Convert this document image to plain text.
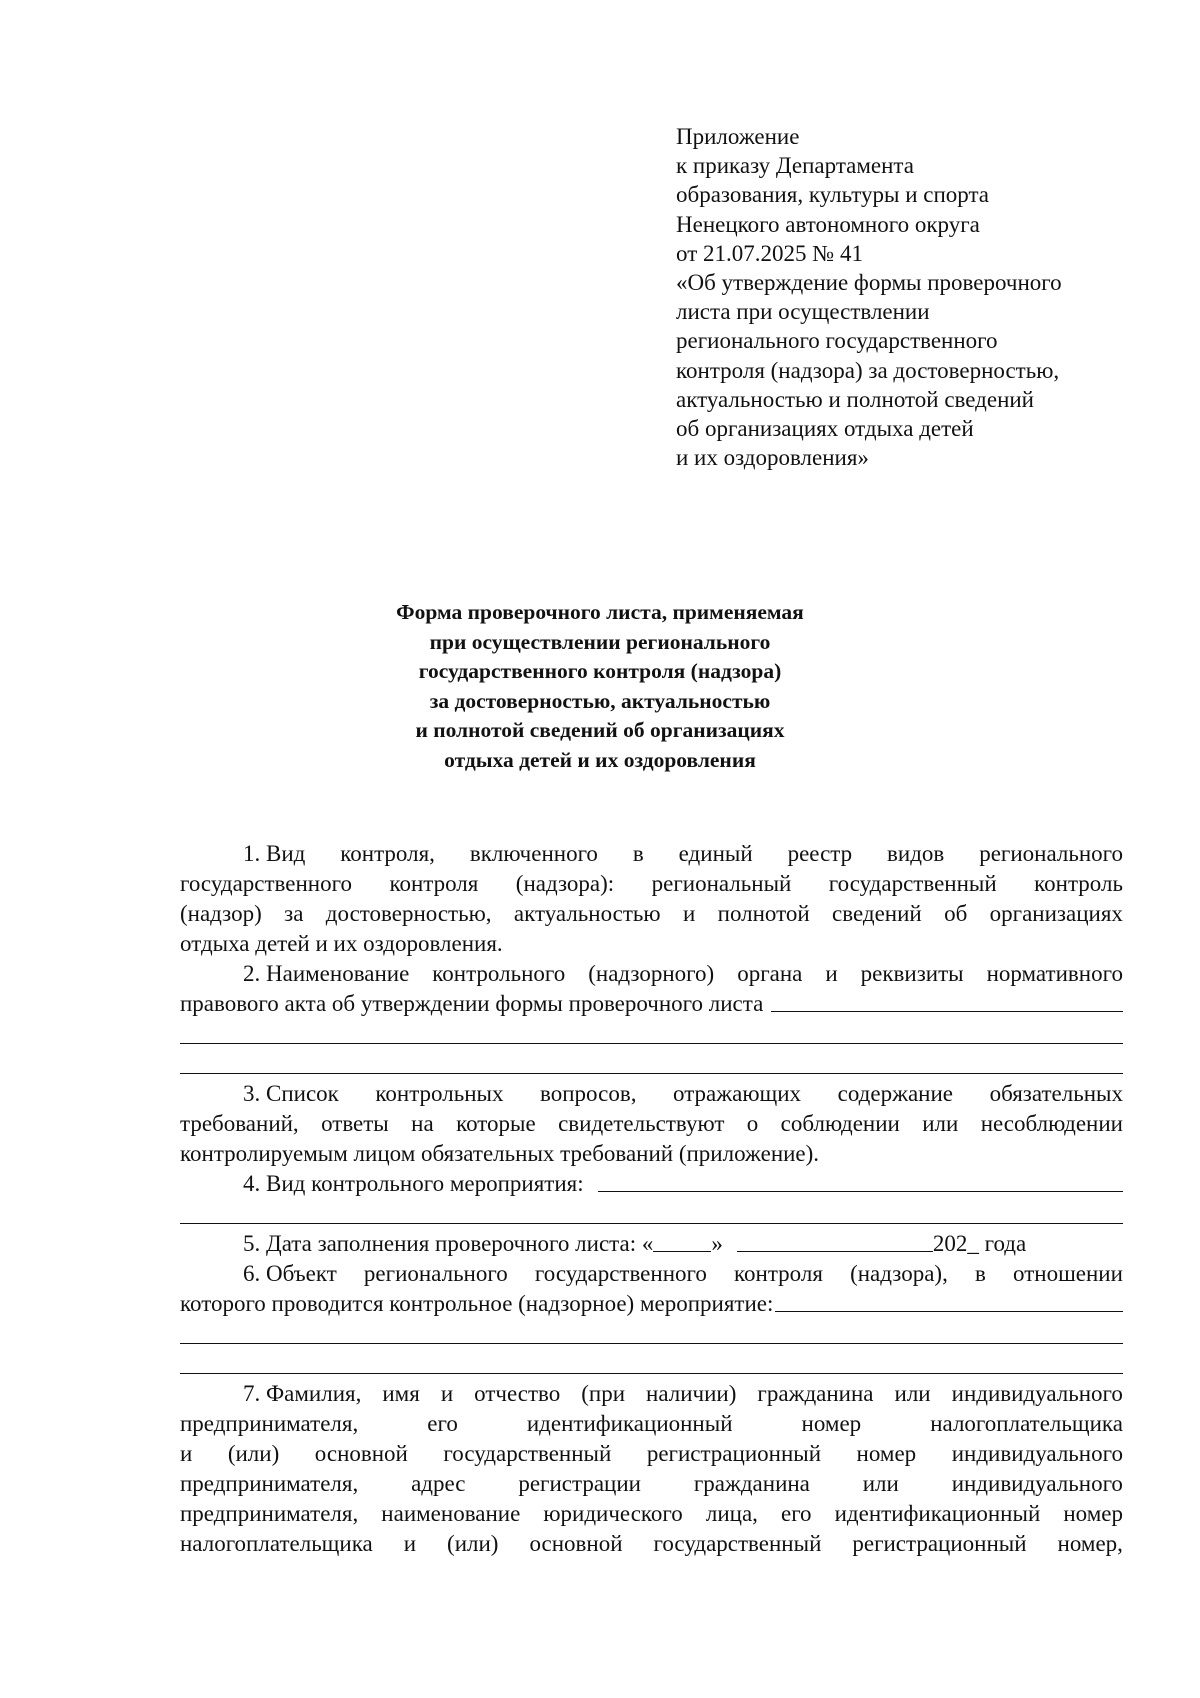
Приложение
к приказу Департамента
образования, культуры и спорта
Ненецкого автономного округа
от 21.07.2025 № 41
«Об утверждение формы проверочного
листа при осуществлении
регионального государственного
контроля (надзора) за достоверностью,
актуальностью и полнотой сведений
об организациях отдыха детей
и их оздоровления»
Форма проверочного листа, применяемая
при осуществлении регионального
государственного контроля (надзора)
за достоверностью, актуальностью
и полнотой сведений об организациях
отдыха детей и их оздоровления
1. Вид контроля, включенного в единый реестр видов регионального
государственного контроля (надзора): региональный государственный контроль
(надзор) за достоверностью, актуальностью и полнотой сведений об организациях
отдыха детей и их оздоровления.
2. Наименование контрольного (надзорного) органа и реквизиты нормативного
правового акта об утверждении формы проверочного листа
3. Список контрольных вопросов, отражающих содержание обязательных
требований, ответы на которые свидетельствуют о соблюдении или несоблюдении
контролируемым лицом обязательных требований (приложение).
4. Вид контрольного мероприятия:
5. Дата заполнения проверочного листа: «	»	202_ года
6. Объект регионального государственного контроля (надзора), в отношении
которого проводится контрольное (надзорное) мероприятие:
7. Фамилия, имя и отчество (при наличии) гражданина или индивидуального
предпринимателя,	его	идентификационный	номер	налогоплательщика
и (или) основной государственный регистрационный номер индивидуального
предпринимателя, адрес регистрации гражданина или индивидуального
предпринимателя, наименование юридического лица, его идентификационный номер
налогоплательщика и (или) основной государственный регистрационный номер,
